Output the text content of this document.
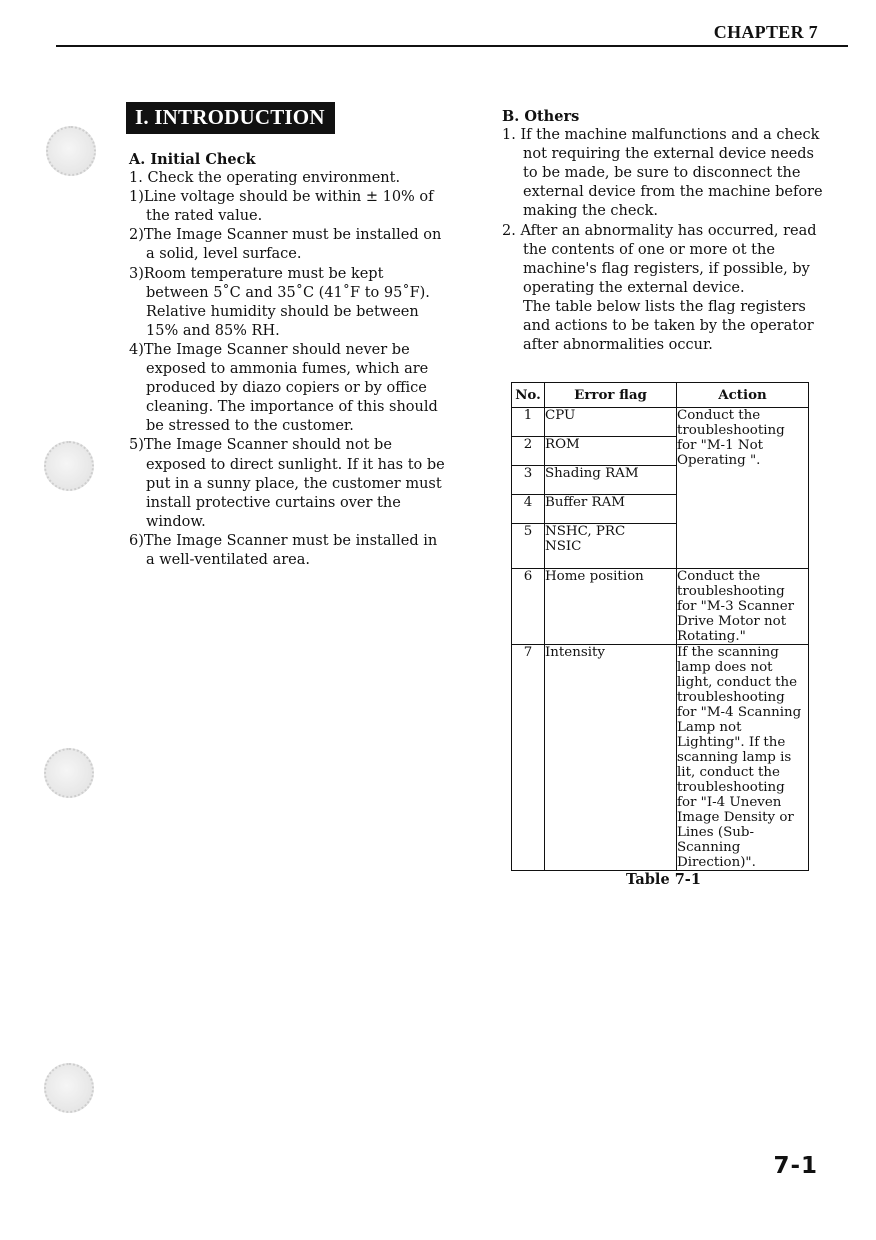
CHAPTER 7
I. INTRODUCTION
A. Initial Check
1. Check the operating environment.
1)Line voltage should be within ± 10% of the rated value.
2)The Image Scanner must be installed on a solid, level surface.
3)Room temperature must be kept between 5˚C and 35˚C (41˚F to 95˚F). Relative humidity should be between 15% and 85% RH.
4)The Image Scanner should never be exposed to ammonia fumes, which are produced by diazo copiers or by office cleaning. The importance of this should be stressed to the customer.
5)The Image Scanner should not be exposed to direct sunlight. If it has to be put in a sunny place, the customer must install protective curtains over the window.
6)The Image Scanner must be installed in a well-ventilated area.
B. Others
1. If the machine malfunctions and a check not requiring the external device needs to be made, be sure to disconnect the external device from the machine before making the check.
2. After an abnormality has occurred, read the contents of one or more ot the machine's flag registers, if possible, by operating the external device.
The table below lists the flag registers and actions to be taken by the operator after abnormalities occur.
No.	Error flag	Action
1	CPU	Conduct the troubleshooting for "M-1 Not Operating ".
2	ROM	
3	Shading RAM	
4	Buffer RAM	
5	NSHC, PRC NSIC	
6	Home position	Conduct the troubleshooting for "M-3 Scanner Drive Motor not Rotating."
7	Intensity	If the scanning lamp does not light, conduct the troubleshooting for "M-4 Scanning Lamp not Lighting". If the scanning lamp is lit, conduct the troubleshooting for "I-4 Uneven Image Density or Lines (Sub-Scanning Direction)".
Table 7-1
7-1
